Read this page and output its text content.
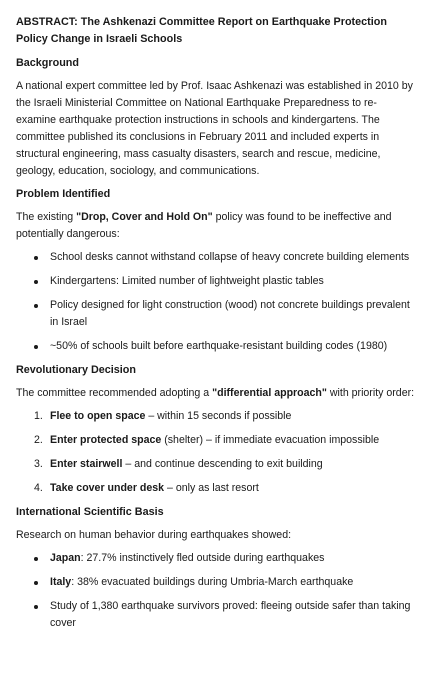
ABSTRACT: The Ashkenazi Committee Report on Earthquake Protection Policy Change in Israeli Schools
Background
A national expert committee led by Prof. Isaac Ashkenazi was established in 2010 by the Israeli Ministerial Committee on National Earthquake Preparedness to re-examine earthquake protection instructions in schools and kindergartens. The committee published its conclusions in February 2011 and included experts in structural engineering, mass casualty disasters, search and rescue, medicine, geology, education, sociology, and communications.
Problem Identified
The existing "Drop, Cover and Hold On" policy was found to be ineffective and potentially dangerous:
School desks cannot withstand collapse of heavy concrete building elements
Kindergartens: Limited number of lightweight plastic tables
Policy designed for light construction (wood) not concrete buildings prevalent in Israel
~50% of schools built before earthquake-resistant building codes (1980)
Revolutionary Decision
The committee recommended adopting a "differential approach" with priority order:
1. Flee to open space – within 15 seconds if possible
2. Enter protected space (shelter) – if immediate evacuation impossible
3. Enter stairwell – and continue descending to exit building
4. Take cover under desk – only as last resort
International Scientific Basis
Research on human behavior during earthquakes showed:
Japan: 27.7% instinctively fled outside during earthquakes
Italy: 38% evacuated buildings during Umbria-March earthquake
Study of 1,380 earthquake survivors proved: fleeing outside safer than taking cover
